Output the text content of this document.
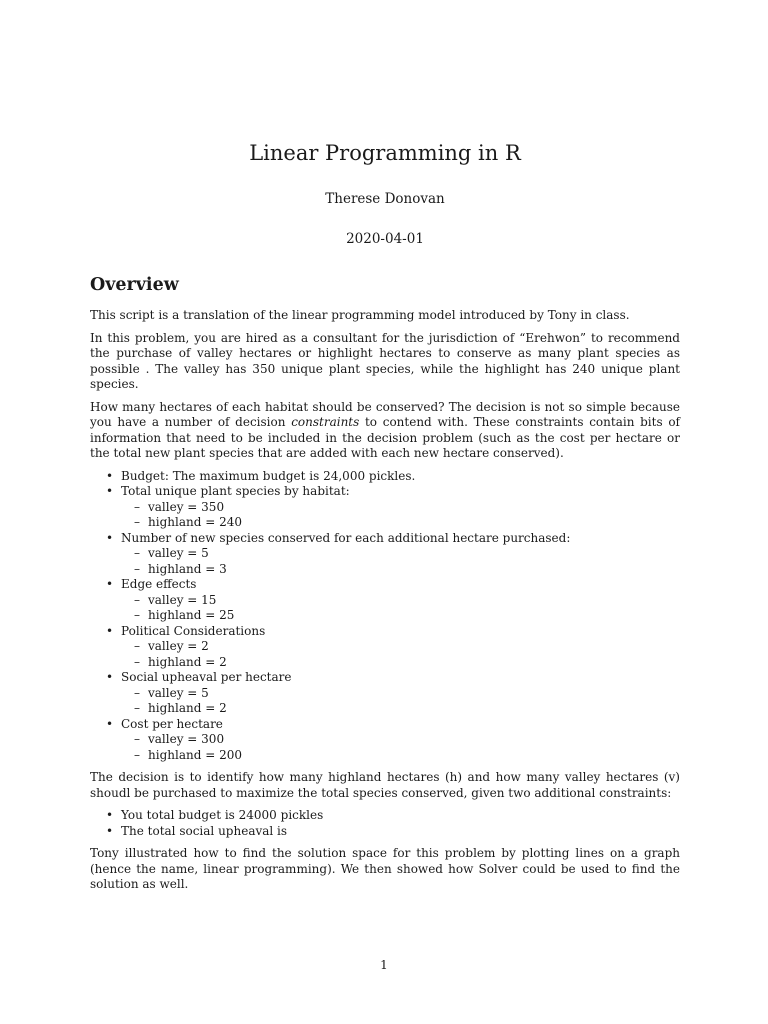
Linear Programming in R
Therese Donovan
2020-04-01
Overview

This script is a translation of the linear programming model introduced by Tony in class.

In this problem, you are hired as a consultant for the jurisdiction of “Erehwon” to recommend the purchase of valley hectares or highlight hectares to conserve as many plant species as possible . The valley has 350 unique plant species, while the highlight has 240 unique plant species.

How many hectares of each habitat should be conserved? The decision is not so simple because you have a number of decision constraints to contend with. These constraints contain bits of information that need to be included in the decision problem (such as the cost per hectare or the total new plant species that are added with each new hectare conserved).

• Budget: The maximum budget is 24,000 pickles.
• Total unique plant species by habitat:
– valley = 350
– highland = 240
• Number of new species conserved for each additional hectare purchased:
– valley = 5
– highland = 3
• Edge effects
– valley = 15
– highland = 25
• Political Considerations
– valley = 2
– highland = 2
• Social upheaval per hectare
– valley = 5
– highland = 2
• Cost per hectare
– valley = 300
– highland = 200

The decision is to identify how many highland hectares (h) and how many valley hectares (v) shoudl be purchased to maximize the total species conserved, given two additional constraints:

• You total budget is 24000 pickles
• The total social upheaval is

Tony illustrated how to find the solution space for this problem by plotting lines on a graph (hence the name, linear programming). We then showed how Solver could be used to find the solution as well.

1
